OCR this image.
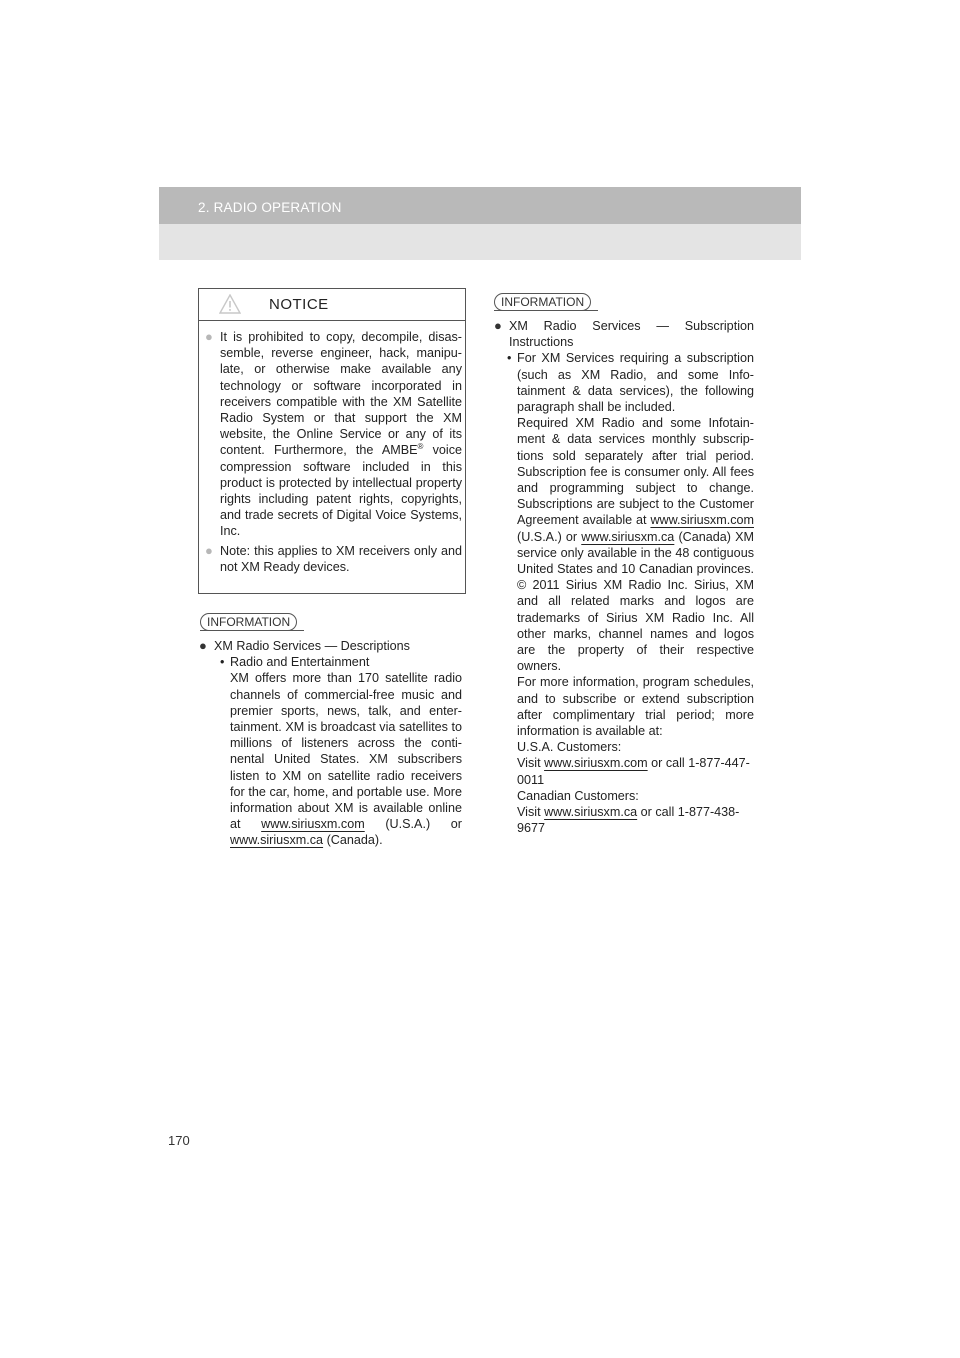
2. RADIO OPERATION
NOTICE
● It is prohibited to copy, decompile, disassemble, reverse engineer, hack, manipulate, or otherwise make available any technology or software incorporated in receivers compatible with the XM Satellite Radio System or that support the XM website, the Online Service or any of its content. Furthermore, the AMBE® voice compression software included in this product is protected by intellectual property rights including patent rights, copyrights, and trade secrets of Digital Voice Systems, Inc.
● Note: this applies to XM receivers only and not XM Ready devices.
INFORMATION
● XM Radio Services — Descriptions
• Radio and Entertainment
XM offers more than 170 satellite radio channels of commercial-free music and premier sports, news, talk, and entertainment. XM is broadcast via satellites to millions of listeners across the continental United States. XM subscribers listen to XM on satellite radio receivers for the car, home, and portable use. More information about XM is available online at www.siriusxm.com (U.S.A.) or www.siriusxm.ca (Canada).
INFORMATION
● XM Radio Services — Subscription Instructions
• For XM Services requiring a subscription (such as XM Radio, and some Infotainment & data services), the following paragraph shall be included.
Required XM Radio and some Infotainment & data services monthly subscriptions sold separately after trial period. Subscription fee is consumer only. All fees and programming subject to change. Subscriptions are subject to the Customer Agreement available at www.siriusxm.com (U.S.A.) or www.siriusxm.ca (Canada) XM service only available in the 48 contiguous United States and 10 Canadian provinces. © 2011 Sirius XM Radio Inc. Sirius, XM and all related marks and logos are trademarks of Sirius XM Radio Inc. All other marks, channel names and logos are the property of their respective owners.
For more information, program schedules, and to subscribe or extend subscription after complimentary trial period; more information is available at:
U.S.A. Customers:
Visit www.siriusxm.com or call 1-877-447-0011
Canadian Customers:
Visit www.siriusxm.ca or call 1-877-438-9677
170
